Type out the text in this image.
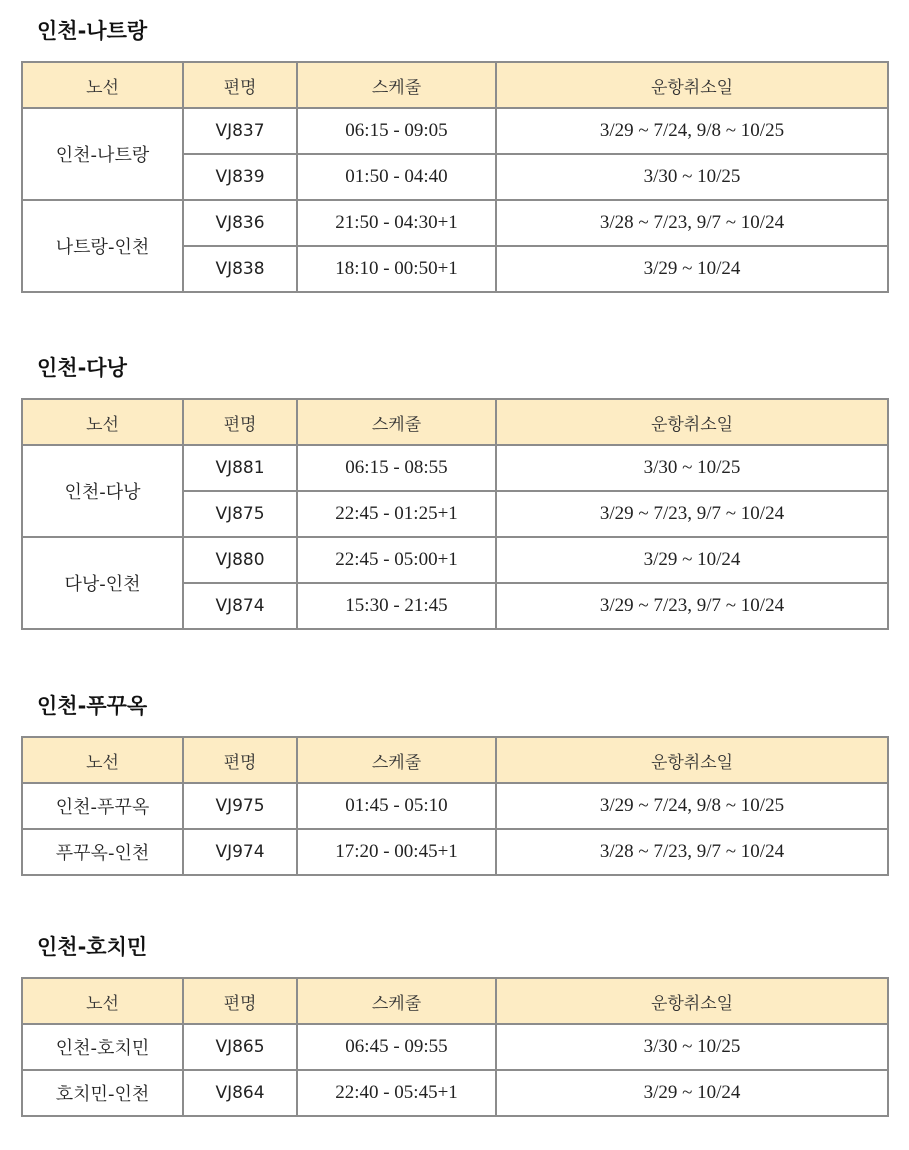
인천-나트랑
노선	편명	스케줄	운항취소일
인천-나트랑	VJ837	06:15 - 09:05	3/29 ~ 7/24, 9/8 ~ 10/25
	VJ839	01:50 - 04:40	3/30 ~ 10/25
나트랑-인천	VJ836	21:50 - 04:30+1	3/28 ~ 7/23, 9/7 ~ 10/24
	VJ838	18:10 - 00:50+1	3/29 ~ 10/24
인천-다낭
노선	편명	스케줄	운항취소일
인천-다낭	VJ881	06:15 - 08:55	3/30 ~ 10/25
	VJ875	22:45 - 01:25+1	3/29 ~ 7/23, 9/7 ~ 10/24
다낭-인천	VJ880	22:45 - 05:00+1	3/29 ~ 10/24
	VJ874	15:30 - 21:45	3/29 ~ 7/23, 9/7 ~ 10/24
인천-푸꾸옥
노선	편명	스케줄	운항취소일
인천-푸꾸옥	VJ975	01:45 - 05:10	3/29 ~ 7/24, 9/8 ~ 10/25
푸꾸옥-인천	VJ974	17:20 - 00:45+1	3/28 ~ 7/23, 9/7 ~ 10/24
인천-호치민
노선	편명	스케줄	운항취소일
인천-호치민	VJ865	06:45 - 09:55	3/30 ~ 10/25
호치민-인천	VJ864	22:40 - 05:45+1	3/29 ~ 10/24
